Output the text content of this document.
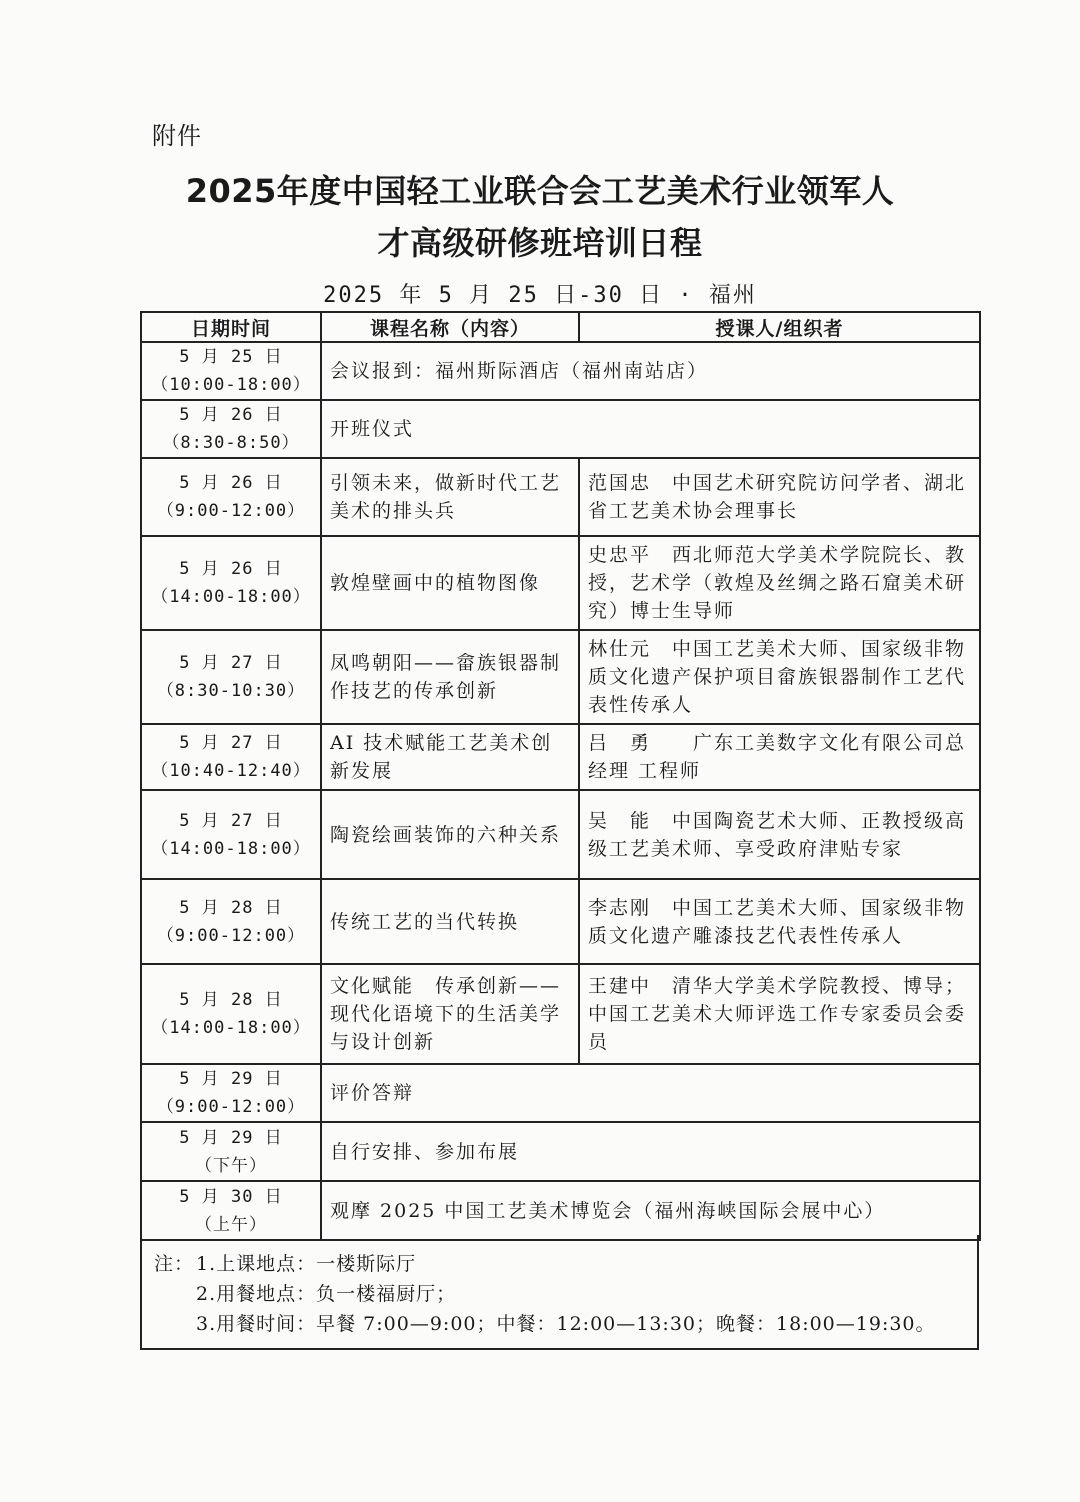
附件
2025年度中国轻工业联合会工艺美术行业领军人
才高级研修班培训日程
2025 年 5 月 25 日-30 日 · 福州
日期时间	课程名称（内容）	授课人/组织者

5 月 25 日
（10:00-18:00）	会议报到：福州斯际酒店（福州南站店）	

5 月 26 日
（8:30-8:50）	开班仪式	

5 月 26 日
（9:00-12:00）	引领未来，做新时代工艺美术的排头兵	范国忠　中国艺术研究院访问学者、湖北省工艺美术协会理事长

5 月 26 日
（14:00-18:00）	敦煌壁画中的植物图像	史忠平　西北师范大学美术学院院长、教授，艺术学（敦煌及丝绸之路石窟美术研究）博士生导师

5 月 27 日
（8:30-10:30）	凤鸣朝阳——畲族银器制作技艺的传承创新	林仕元　中国工艺美术大师、国家级非物质文化遗产保护项目畲族银器制作工艺代表性传承人

5 月 27 日
（10:40-12:40）	AI 技术赋能工艺美术创新发展	吕　勇　　广东工美数字文化有限公司总经理 工程师

5 月 27 日
（14:00-18:00）	陶瓷绘画装饰的六种关系	吴　能　中国陶瓷艺术大师、正教授级高级工艺美术师、享受政府津贴专家

5 月 28 日
（9:00-12:00）	传统工艺的当代转换	李志刚　中国工艺美术大师、国家级非物质文化遗产雕漆技艺代表性传承人

5 月 28 日
（14:00-18:00）	文化赋能　传承创新——现代化语境下的生活美学与设计创新	王建中　清华大学美术学院教授、博导；中国工艺美术大师评选工作专家委员会委员

5 月 29 日
（9:00-12:00）	评价答辩	

5 月 29 日
（下午）	自行安排、参加布展	

5 月 30 日
（上午）	观摩 2025 中国工艺美术博览会（福州海峡国际会展中心）	
注： 1.上课地点：一楼斯际厅
2.用餐地点：负一楼福厨厅；
3.用餐时间：早餐 7:00—9:00；中餐：12:00—13:30；晚餐：18:00—19:30。
